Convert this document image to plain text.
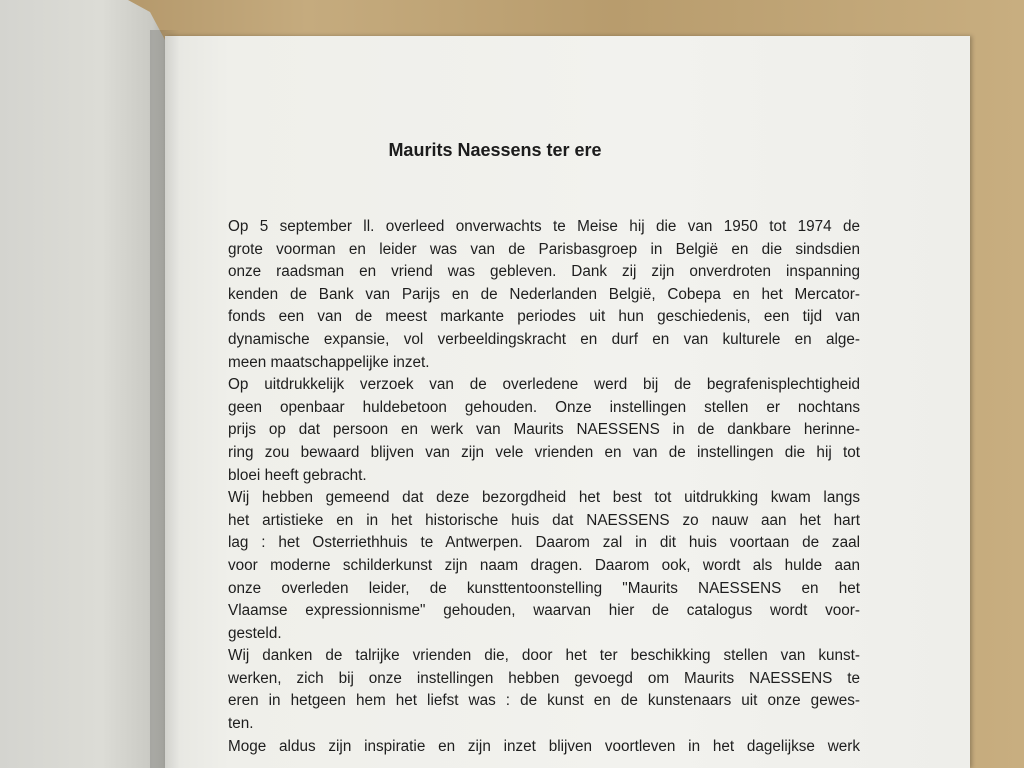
Maurits Naessens ter ere
Op 5 september ll. overleed onverwachts te Meise hij die van 1950 tot 1974 de
grote voorman en leider was van de Parisbasgroep in België en die sindsdien
onze raadsman en vriend was gebleven. Dank zij zijn onverdroten inspanning
kenden de Bank van Parijs en de Nederlanden België, Cobepa en het Mercator-
fonds een van de meest markante periodes uit hun geschiedenis, een tijd van
dynamische expansie, vol verbeeldingskracht en durf en van kulturele en alge-
meen maatschappelijke inzet.
Op uitdrukkelijk verzoek van de overledene werd bij de begrafenisplechtigheid
geen openbaar huldebetoon gehouden. Onze instellingen stellen er nochtans
prijs op dat persoon en werk van Maurits NAESSENS in de dankbare herinne-
ring zou bewaard blijven van zijn vele vrienden en van de instellingen die hij tot
bloei heeft gebracht.
Wij hebben gemeend dat deze bezorgdheid het best tot uitdrukking kwam langs
het artistieke en in het historische huis dat NAESSENS zo nauw aan het hart
lag : het Osterriethhuis te Antwerpen. Daarom zal in dit huis voortaan de zaal
voor moderne schilderkunst zijn naam dragen. Daarom ook, wordt als hulde aan
onze overleden leider, de kunsttentoonstelling "Maurits NAESSENS en het
Vlaamse expressionnisme" gehouden, waarvan hier de catalogus wordt voor-
gesteld.
Wij danken de talrijke vrienden die, door het ter beschikking stellen van kunst-
werken, zich bij onze instellingen hebben gevoegd om Maurits NAESSENS te
eren in hetgeen hem het liefst was : de kunst en de kunstenaars uit onze gewes-
ten.
Moge aldus zijn inspiratie en zijn inzet blijven voortleven in het dagelijkse werk
